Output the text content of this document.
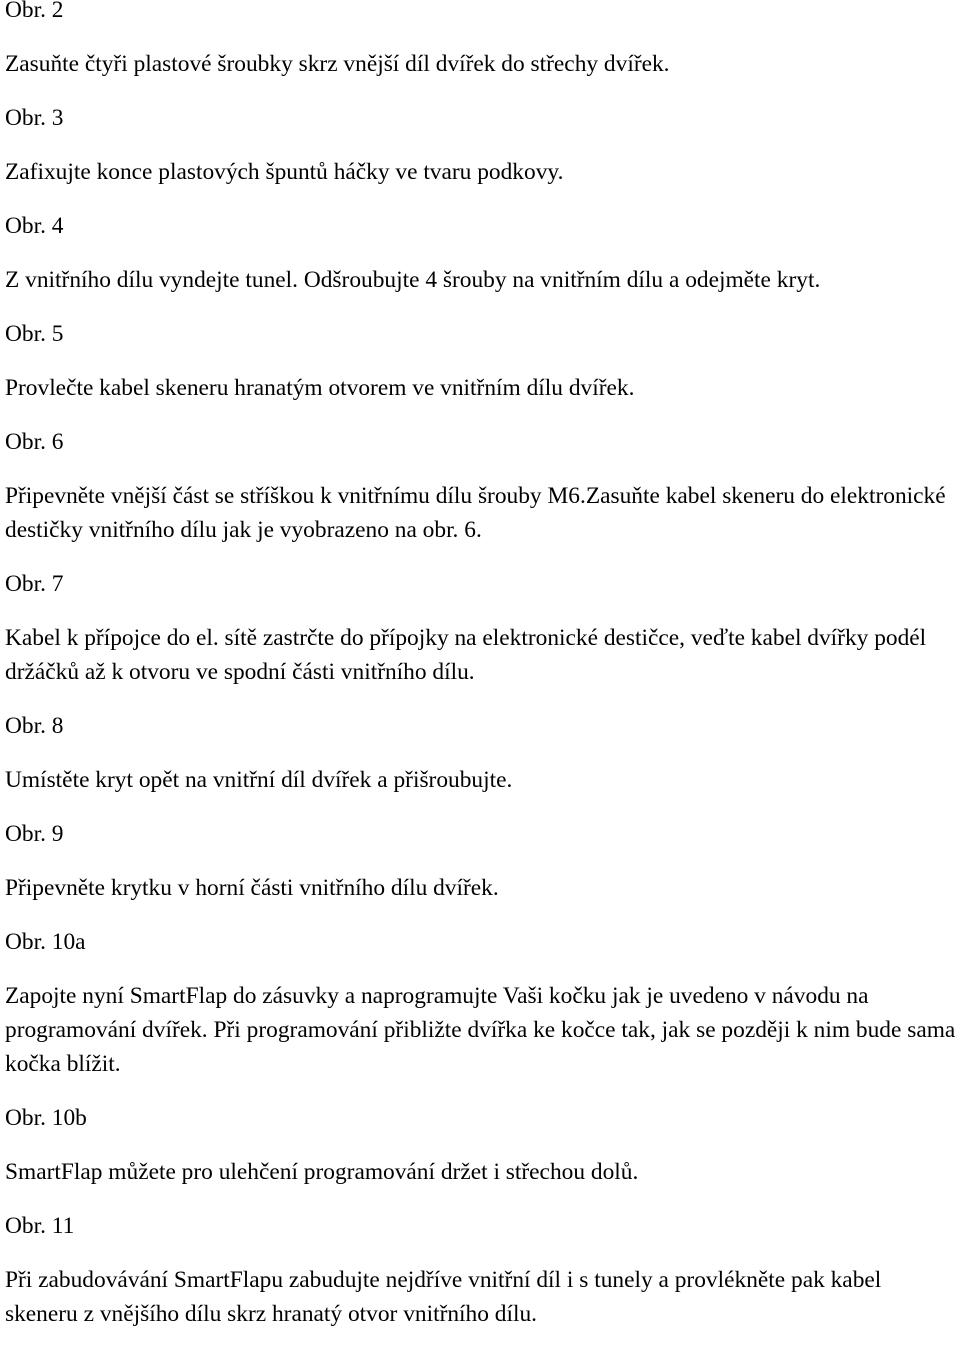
Obr. 2

Zasuňte čtyři plastové šroubky skrz vnější díl dvířek do střechy dvířek.

Obr. 3

Zafixujte konce plastových špuntů háčky ve tvaru podkovy.

Obr. 4

Z vnitřního dílu vyndejte tunel. Odšroubujte 4 šrouby na vnitřním dílu a odejměte kryt.

Obr. 5

Provlečte kabel skeneru hranatým otvorem ve vnitřním dílu dvířek.

Obr. 6

Připevněte vnější část se stříškou k vnitřnímu dílu šrouby M6.Zasuňte kabel skeneru do elektronické destičky vnitřního dílu jak je vyobrazeno na obr. 6.

Obr. 7

Kabel k přípojce do el. sítě zastrčte do přípojky na elektronické destičce, veďte kabel dvířky podél držáčků až k otvoru ve spodní části vnitřního dílu.

Obr. 8

Umístěte kryt opět na vnitřní díl dvířek a přišroubujte.

Obr. 9

Připevněte krytku v horní části vnitřního dílu dvířek.

Obr. 10a

Zapojte nyní SmartFlap do zásuvky a naprogramujte Vaši kočku jak je uvedeno v návodu na programování dvířek. Při programování přibližte dvířka ke kočce tak, jak se později k nim bude sama kočka blížit.

Obr. 10b

SmartFlap můžete pro ulehčení programování držet i střechou dolů.

Obr. 11

Při zabudovávání SmartFlapu zabudujte nejdříve vnitřní díl i s tunely a provlékněte pak kabel skeneru z vnějšího dílu skrz hranatý otvor vnitřního dílu.
